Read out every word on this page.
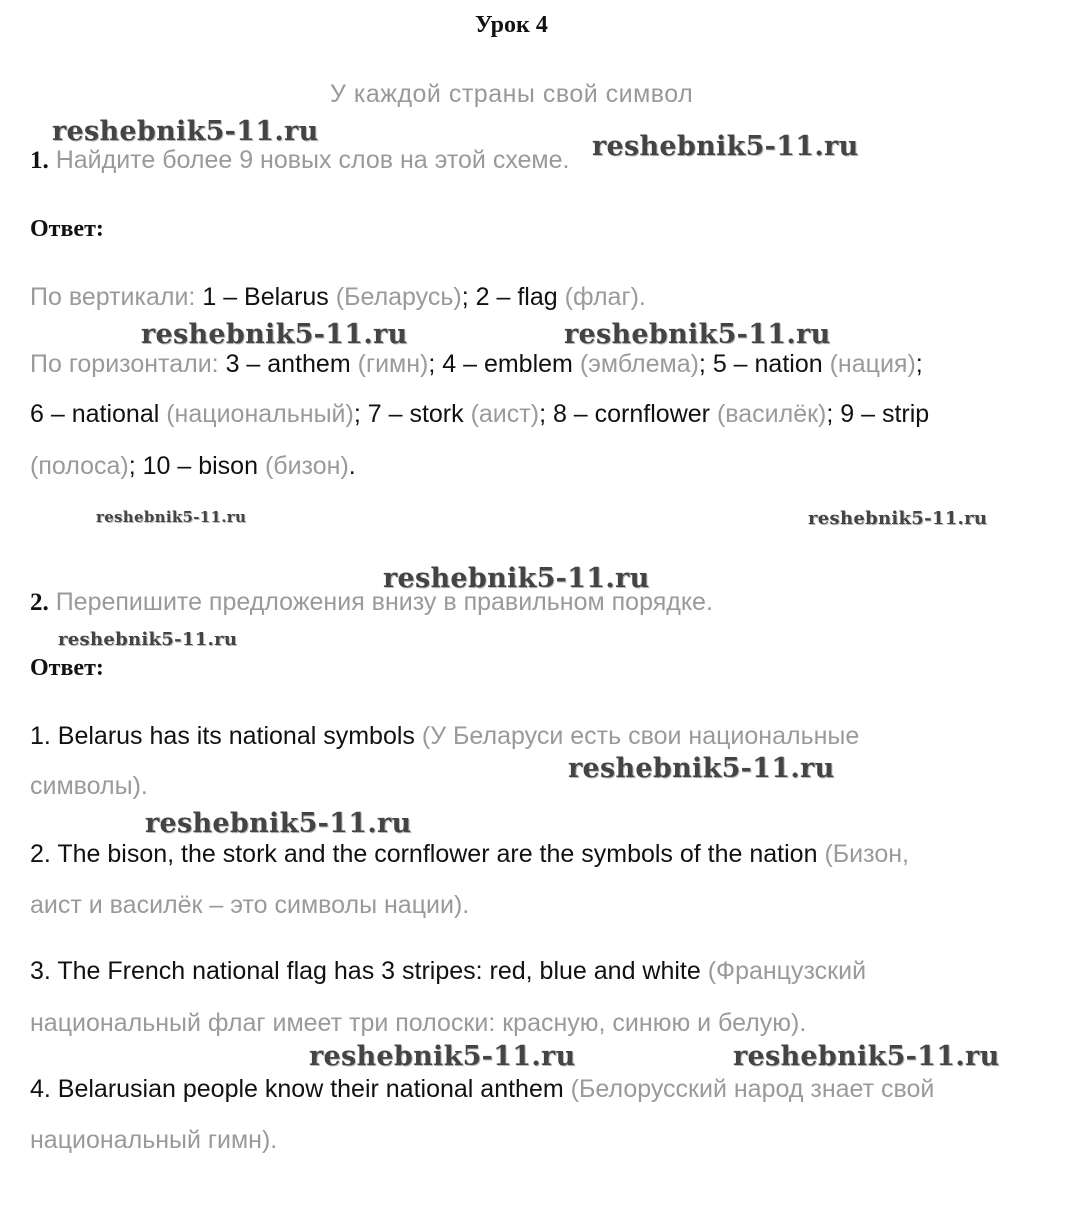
Урок 4
У каждой страны свой символ
1. Найдите более 9 новых слов на этой схеме.
Ответ:
По вертикали: 1 – Belarus (Беларусь); 2 – flag (флаг).
По горизонтали: 3 – anthem (гимн); 4 – emblem (эмблема); 5 – nation (нация);
6 – national (национальный); 7 – stork (аист); 8 – cornflower (василёк); 9 – strip
(полоса); 10 – bison (бизон).
2. Перепишите предложения внизу в правильном порядке.
Ответ:
1. Belarus has its national symbols (У Беларуси есть свои национальные
символы).
2. The bison, the stork and the cornflower are the symbols of the nation (Бизон,
аист и василёк – это символы нации).
3. The French national flag has 3 stripes: red, blue and white (Французский
национальный флаг имеет три полоски: красную, синюю и белую).
4. Belarusian people know their national anthem (Белорусский народ знает свой
национальный гимн).
reshebnik5-11.ru	reshebnik5-11.ru
reshebnik5-11.ru	reshebnik5-11.ru
reshebnik5-11.ru	reshebnik5-11.ru
reshebnik5-11.ru
reshebnik5-11.ru
reshebnik5-11.ru
reshebnik5-11.ru
reshebnik5-11.ru	reshebnik5-11.ru
